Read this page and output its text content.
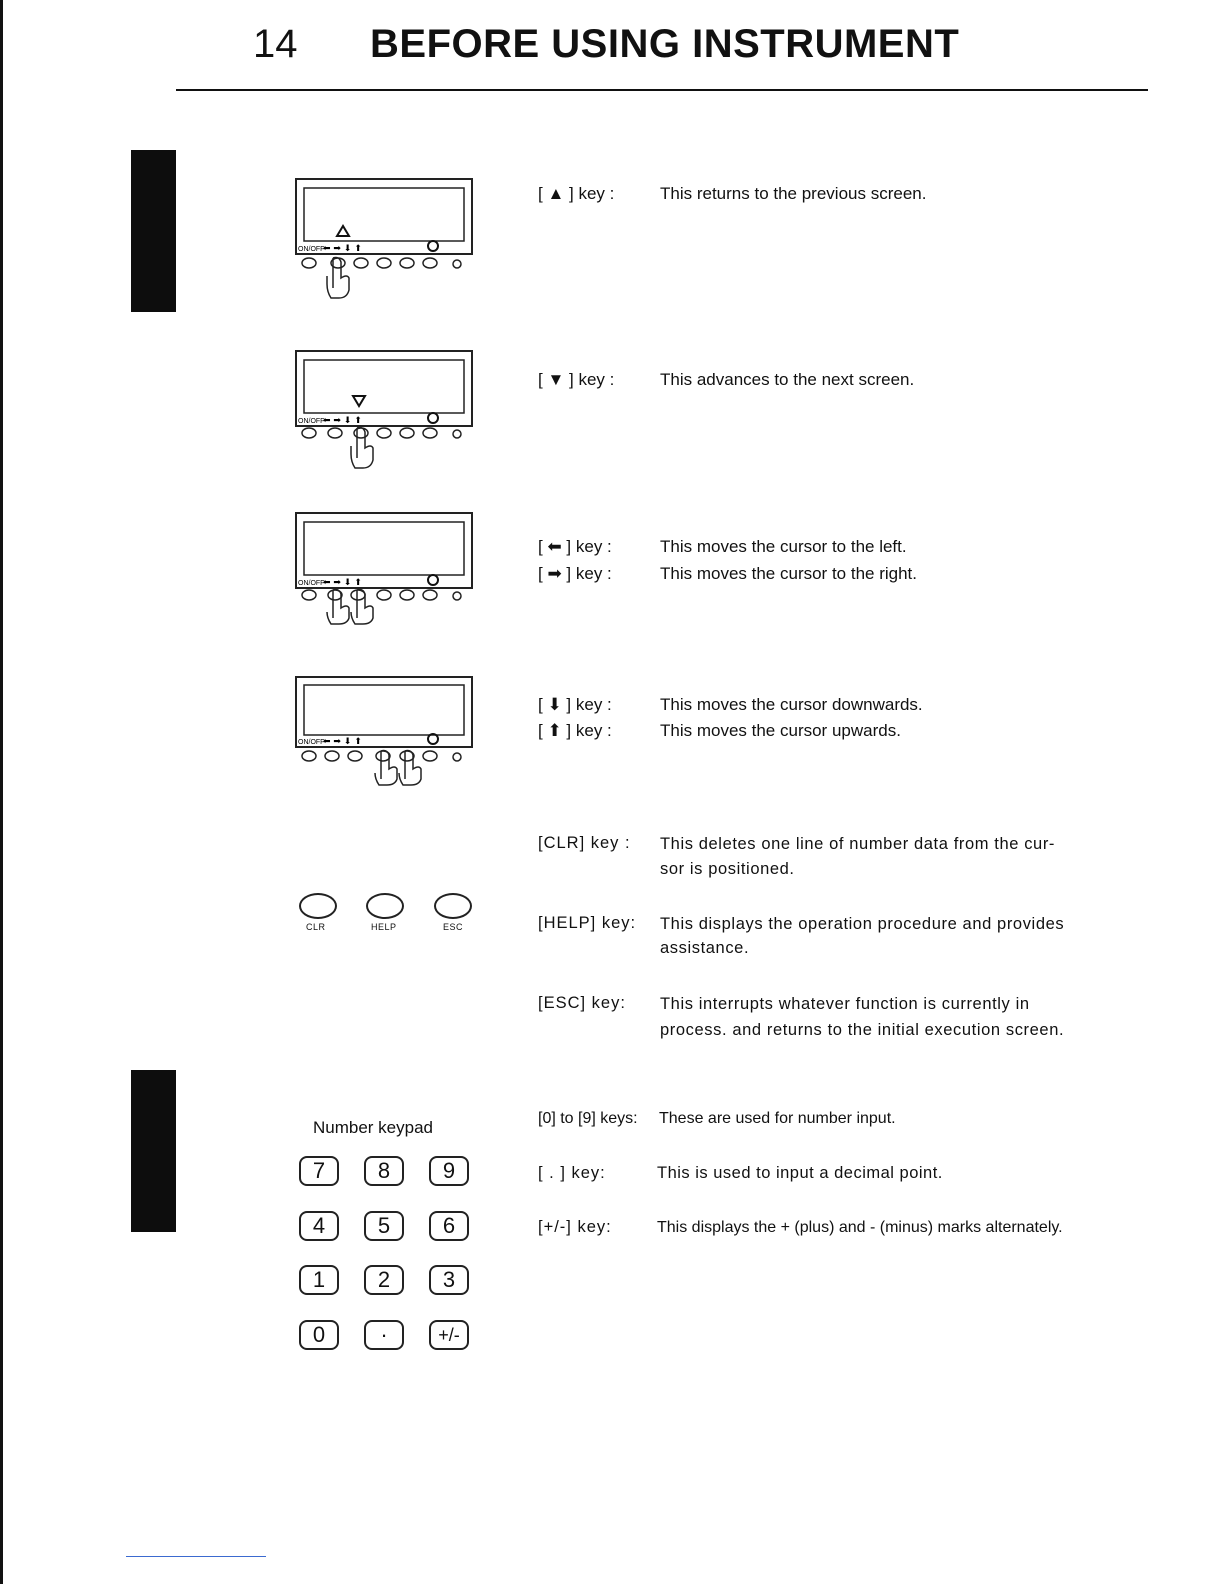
14 BEFORE USING INSTRUMENT
ON/OFF
⬅ ➡ ⬇ ⬆
ON/OFF
⬅ ➡ ⬇ ⬆
ON/OFF
⬅ ➡ ⬇ ⬆
ON/OFF
⬅ ➡ ⬇ ⬆
[ ▲ ] key :	This returns to the previous screen.
[ ▼ ] key :	This advances to the next screen.
[ ⬅ ] key :	This moves the cursor to the left.
[ ➡ ] key :	This moves the cursor to the right.
[ ⬇ ] key :	This moves the cursor downwards.
[ ⬆ ] key :	This moves the cursor upwards.
CLR	HELP	ESC
[CLR] key : This deletes one line of number data from the cur-
sor is positioned.
[HELP] key: This displays the operation procedure and provides
assistance.
[ESC] key: This interrupts whatever function is currently in
process. and returns to the initial execution screen.
Number keypad
7	8	9
4	5	6
1	2	3
0	·	+/-
[0] to [9] keys: These are used for number input.
[ . ] key:	This is used to input a decimal point.
[+/-] key:	This displays the + (plus) and - (minus) marks alternately.
